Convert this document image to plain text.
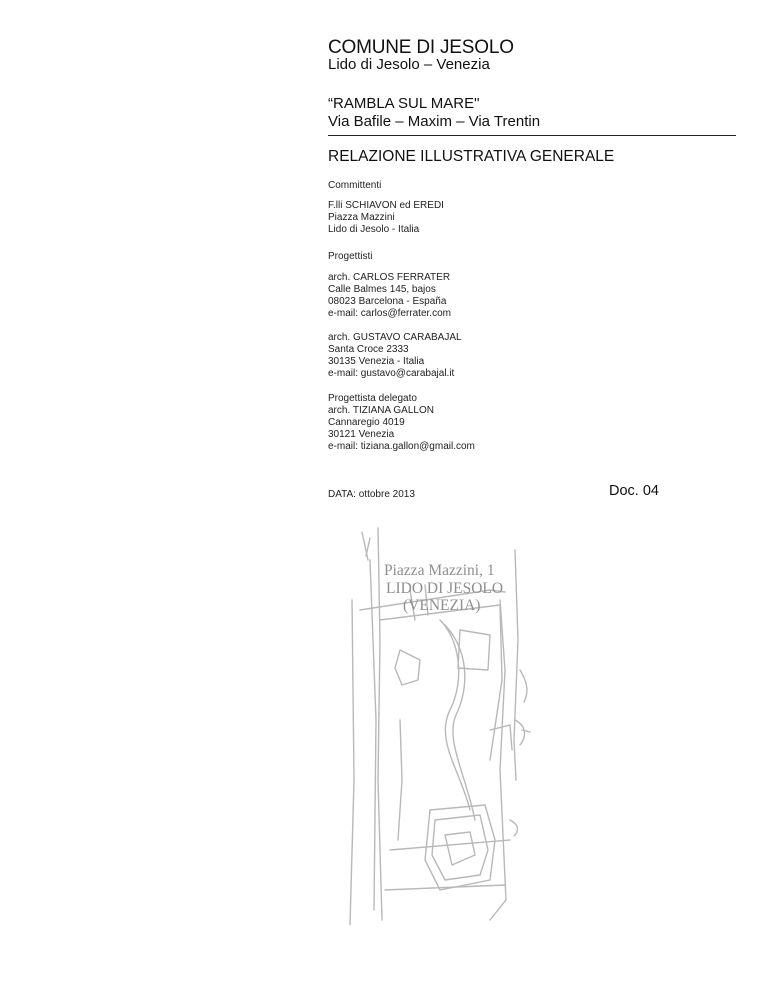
COMUNE DI JESOLO
Lido di Jesolo – Venezia
“RAMBLA SUL MARE"
Via Bafile – Maxim – Via Trentin
RELAZIONE ILLUSTRATIVA GENERALE
Committenti
F.lli SCHIAVON ed EREDI
Piazza Mazzini
Lido di Jesolo - Italia
Progettisti
arch. CARLOS FERRATER
Calle Balmes 145, bajos
08023 Barcelona - España
e-mail: carlos@ferrater.com
arch. GUSTAVO CARABAJAL
Santa Croce 2333
30135 Venezia - Italia
e-mail: gustavo@carabajal.it
Progettista delegato
arch. TIZIANA GALLON
Cannaregio 4019
30121 Venezia
e-mail: tiziana.gallon@gmail.com
DATA: ottobre 2013	Doc. 04
Piazza Mazzini, 1
LIDO DI JESOLO
(VENEZIA)
